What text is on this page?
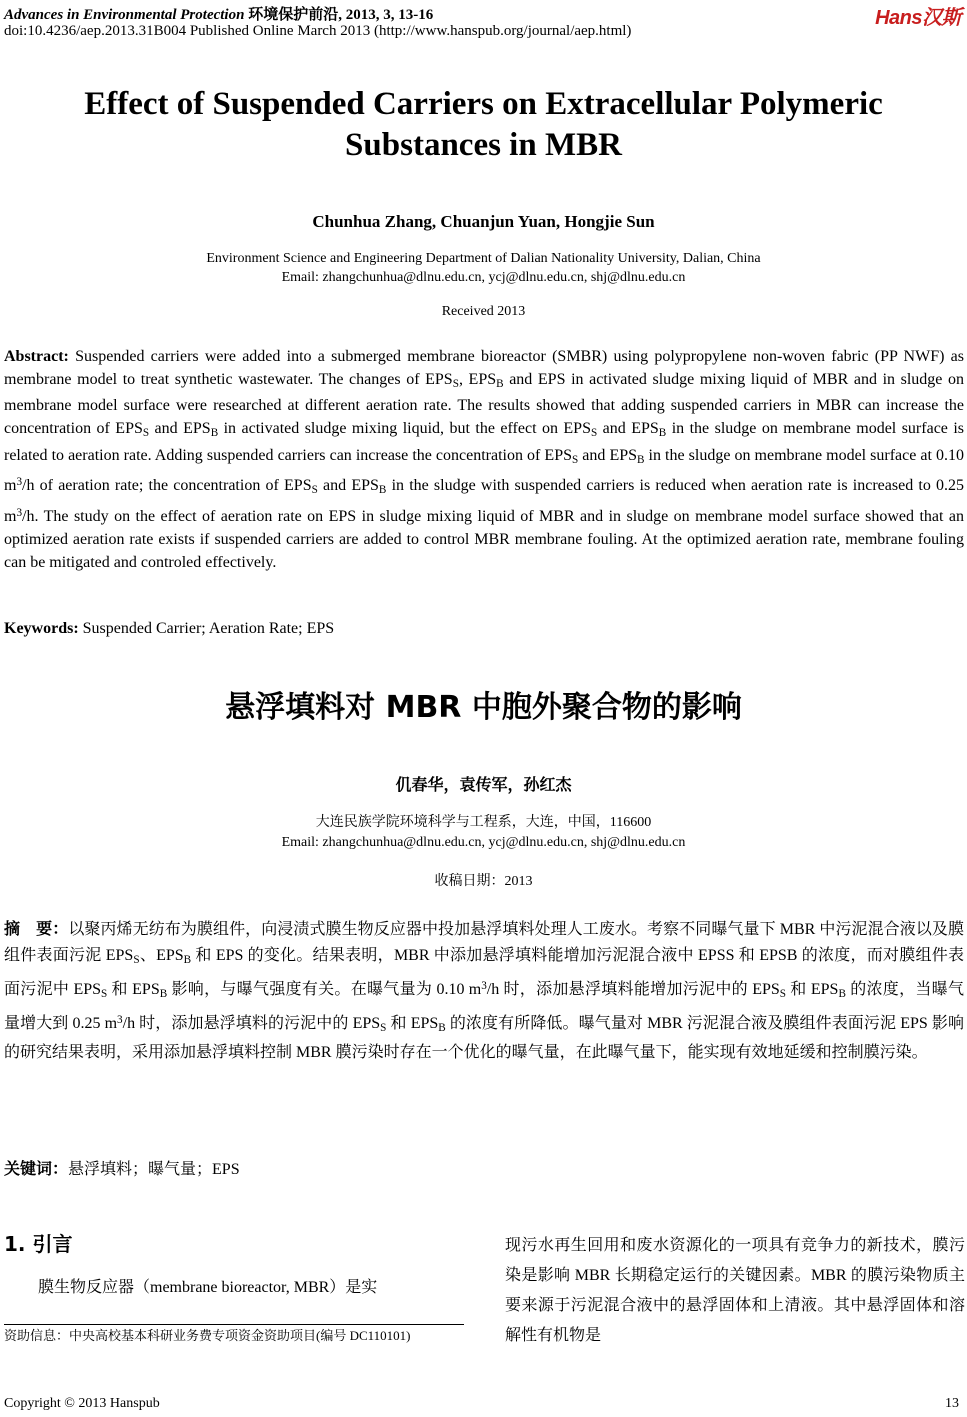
Advances in Environmental Protection 环境保护前沿, 2013, 3, 13-16
doi:10.4236/aep.2013.31B004 Published Online March 2013 (http://www.hanspub.org/journal/aep.html)
Hans汉斯
Effect of Suspended Carriers on Extracellular Polymeric
Substances in MBR
Chunhua Zhang, Chuanjun Yuan, Hongjie Sun
Environment Science and Engineering Department of Dalian Nationality University, Dalian, China
Email: zhangchunhua@dlnu.edu.cn, ycj@dlnu.edu.cn, shj@dlnu.edu.cn
Received 2013
Abstract: Suspended carriers were added into a submerged membrane bioreactor (SMBR) using polypropylene non-woven fabric (PP NWF) as membrane model to treat synthetic wastewater. The changes of $EPS_S$, $EPS_B$ and EPS in activated sludge mixing liquid of MBR and in sludge on membrane model surface were researched at different aeration rate. The results showed that adding suspended carriers in MBR can increase the concentration of $EPS_S$ and $EPS_B$ in activated sludge mixing liquid, but the effect on $EPS_S$ and $EPS_B$ in the sludge on membrane model surface is related to aeration rate. Adding suspended carriers can increase the concentration of $EPS_S$ and $EPS_B$ in the sludge on membrane model surface at 0.10 $m^3/h$ of aeration rate; the concentration of $EPS_S$ and $EPS_B$ in the sludge with suspended carriers is reduced when aeration rate is increased to 0.25 $m^3/h$. The study on the effect of aeration rate on EPS in sludge mixing liquid of MBR and in sludge on membrane model surface showed that an optimized aeration rate exists if suspended carriers are added to control MBR membrane fouling. At the optimized aeration rate, membrane fouling can be mitigated and controled effectively.
Keywords: Suspended Carrier; Aeration Rate; EPS
悬浮填料对 MBR 中胞外聚合物的影响
仉春华，袁传军，孙红杰
大连民族学院环境科学与工程系，大连，中国，116600
Email: zhangchunhua@dlnu.edu.cn, ycj@dlnu.edu.cn, shj@dlnu.edu.cn
收稿日期：2013
摘　要：以聚丙烯无纺布为膜组件，向浸渍式膜生物反应器中投加悬浮填料处理人工废水。考察不同曝气量下 MBR 中污泥混合液以及膜组件表面污泥 $EPS_S$、$EPS_B$ 和 EPS 的变化。结果表明，MBR 中添加悬浮填料能增加污泥混合液中 EPSS 和 EPSB 的浓度，而对膜组件表面污泥中 $EPS_S$ 和 $EPS_B$ 影响，与曝气强度有关。在曝气量为 0.10 $m^3/h$ 时，添加悬浮填料能增加污泥中的 $EPS_S$ 和 $EPS_B$ 的浓度，当曝气量增大到 0.25 $m^3/h$ 时，添加悬浮填料的污泥中的 $EPS_S$ 和 $EPS_B$ 的浓度有所降低。曝气量对 MBR 污泥混合液及膜组件表面污泥 EPS 影响的研究结果表明，采用添加悬浮填料控制 MBR 膜污染时存在一个优化的曝气量，在此曝气量下，能实现有效地延缓和控制膜污染。
关键词：悬浮填料；曝气量；EPS
1. 引言
膜生物反应器（membrane bioreactor, MBR）是实
现污水再生回用和废水资源化的一项具有竞争力的新技术，膜污染是影响 MBR 长期稳定运行的关键因素。MBR 的膜污染物质主要来源于污泥混合液中的悬浮固体和上清液。其中悬浮固体和溶解性有机物是
资助信息：中央高校基本科研业务费专项资金资助项目(编号 DC110101)
Copyright © 2013 Hanspub	13
